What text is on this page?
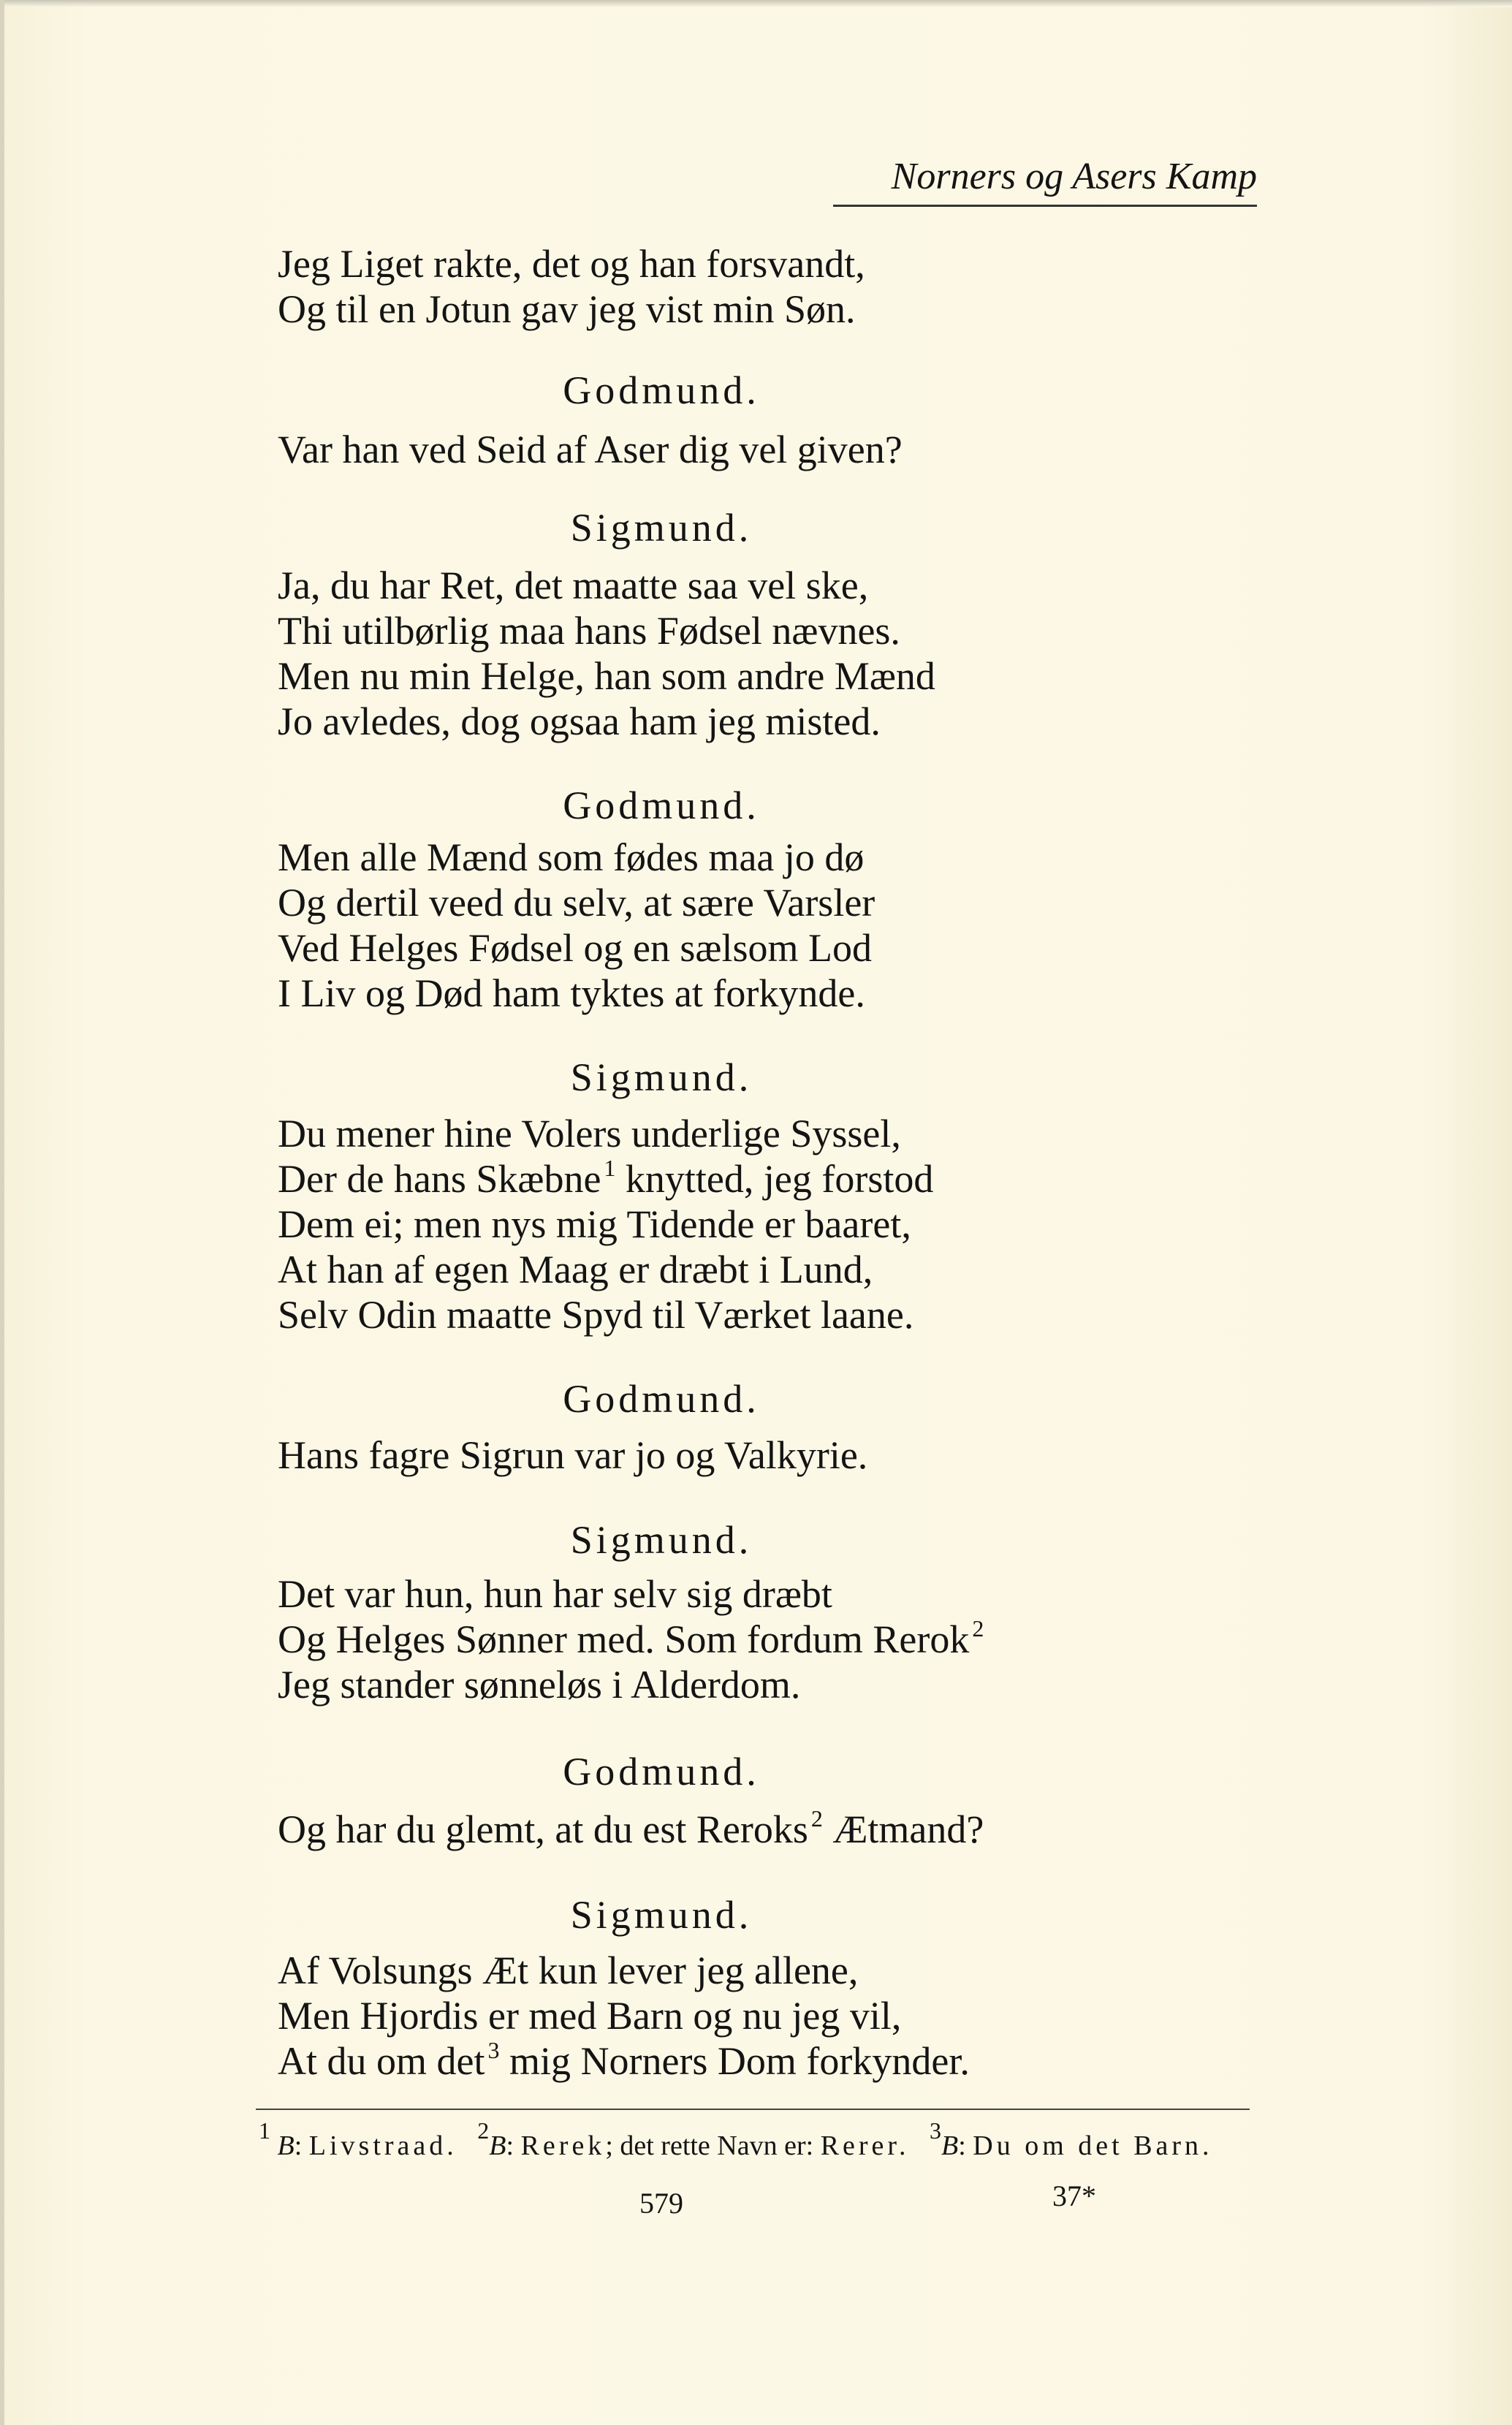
Norners og Asers Kamp
Jeg Liget rakte, det og han forsvandt,
Og til en Jotun gav jeg vist min Søn.
Godmund.
Var han ved Seid af Aser dig vel given?
Sigmund.
Ja, du har Ret, det maatte saa vel ske,
Thi utilbørlig maa hans Fødsel nævnes.
Men nu min Helge, han som andre Mænd
Jo avledes, dog ogsaa ham jeg misted.
Godmund.
Men alle Mænd som fødes maa jo dø
Og dertil veed du selv, at sære Varsler
Ved Helges Fødsel og en sælsom Lod
I Liv og Død ham tyktes at forkynde.
Sigmund.
Du mener hine Volers underlige Syssel,
Der de hans Skæbne $^1$ knytted, jeg forstod
Dem ei; men nys mig Tidende er baaret,
At han af egen Maag er dræbt i Lund,
Selv Odin maatte Spyd til Værket laane.
Godmund.
Hans fagre Sigrun var jo og Valkyrie.
Sigmund.
Det var hun, hun har selv sig dræbt
Og Helges Sønner med. Som fordum Rerok $^2$
Jeg stander sønneløs i Alderdom.
Godmund.
Og har du glemt, at du est Reroks $^2$ Ætmand?
Sigmund.
Af Volsungs Æt kun lever jeg allene,
Men Hjordis er med Barn og nu jeg vil,
At du om det $^3$ mig Norners Dom forkynder.
$^1$ B: Livstraad. $^2$B: Rerek; det rette Navn er: Rerer. $^3$B: Du om det Barn.
579	37*
